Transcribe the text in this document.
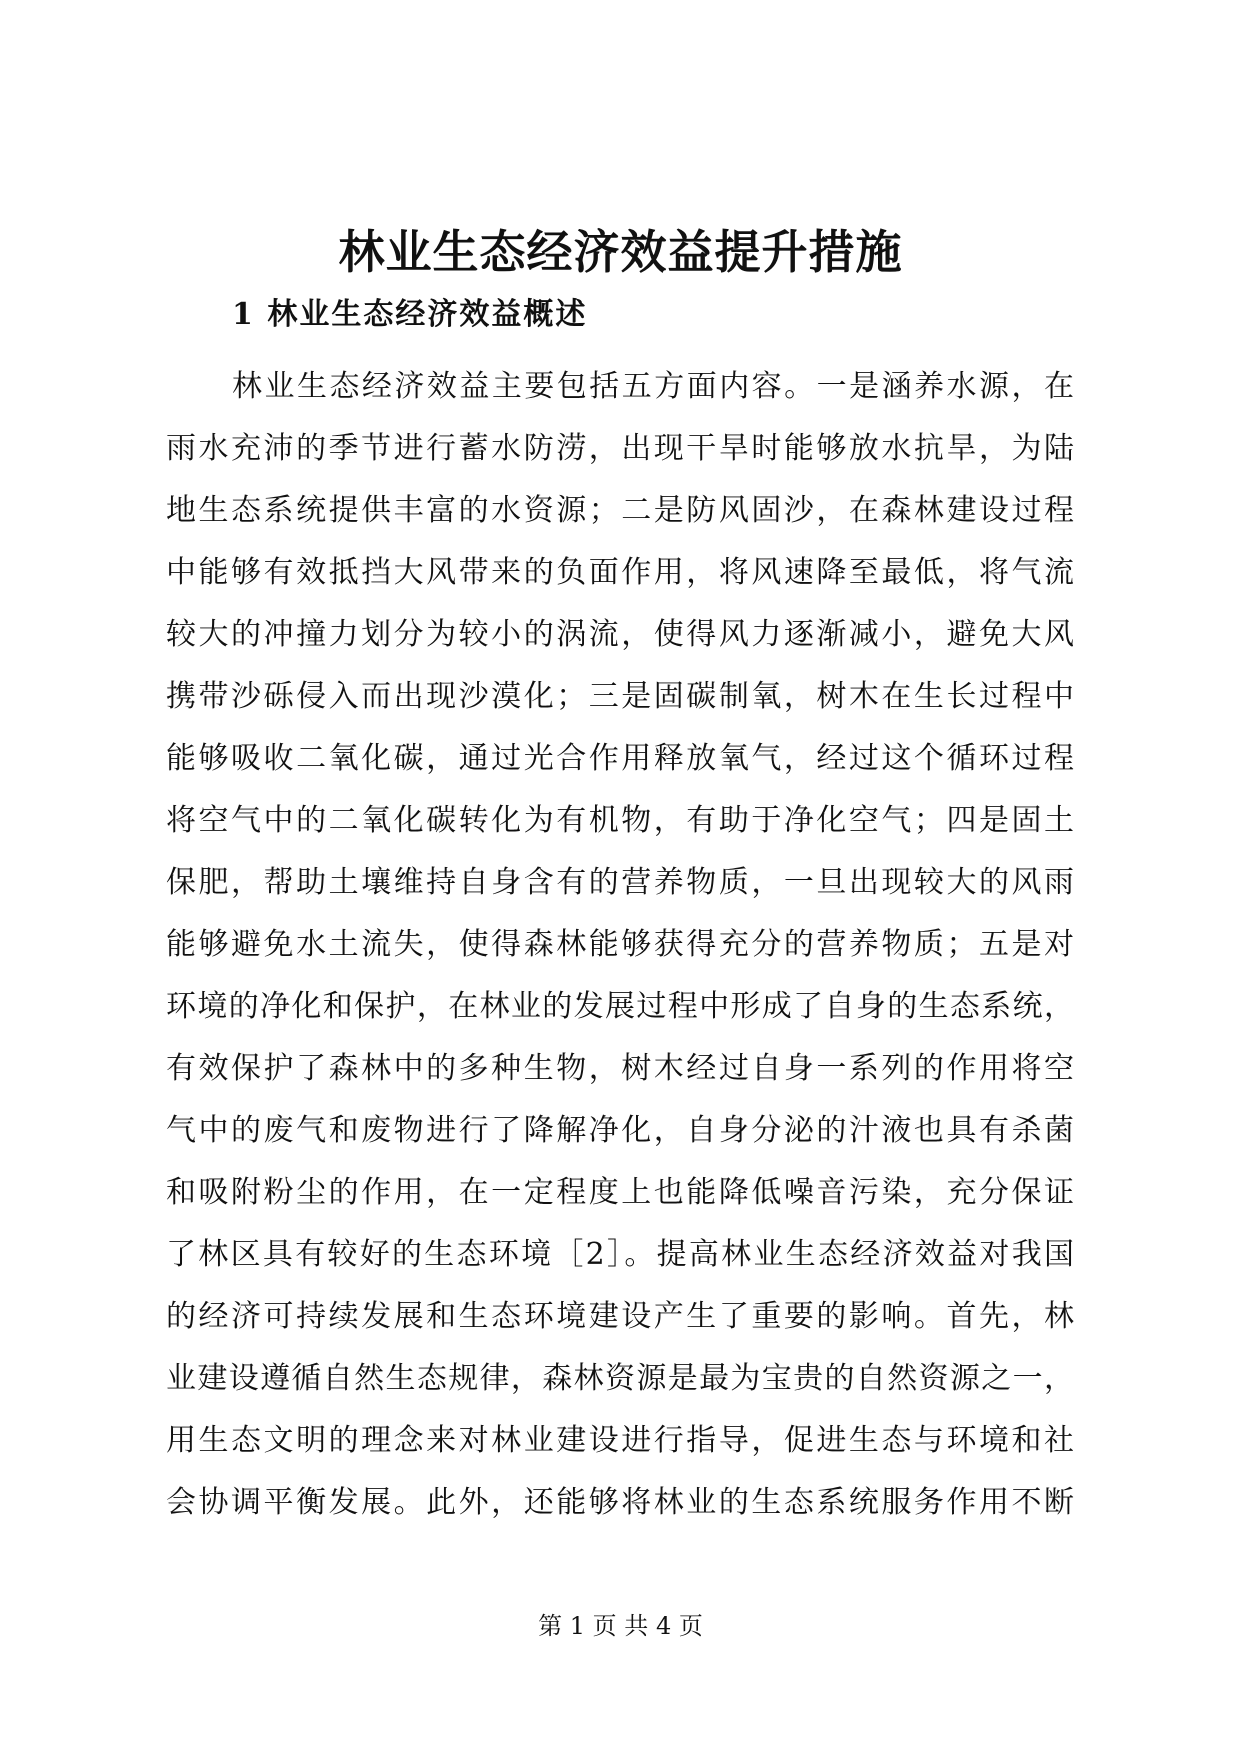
林业生态经济效益提升措施
1 林业生态经济效益概述
林业生态经济效益主要包括五方面内容。一是涵养水源，在
雨水充沛的季节进行蓄水防涝，出现干旱时能够放水抗旱，为陆
地生态系统提供丰富的水资源；二是防风固沙，在森林建设过程
中能够有效抵挡大风带来的负面作用，将风速降至最低，将气流
较大的冲撞力划分为较小的涡流，使得风力逐渐减小，避免大风
携带沙砾侵入而出现沙漠化；三是固碳制氧，树木在生长过程中
能够吸收二氧化碳，通过光合作用释放氧气，经过这个循环过程
将空气中的二氧化碳转化为有机物，有助于净化空气；四是固土
保肥，帮助土壤维持自身含有的营养物质，一旦出现较大的风雨
能够避免水土流失，使得森林能够获得充分的营养物质；五是对
环境的净化和保护，在林业的发展过程中形成了自身的生态系统，
有效保护了森林中的多种生物，树木经过自身一系列的作用将空
气中的废气和废物进行了降解净化，自身分泌的汁液也具有杀菌
和吸附粉尘的作用，在一定程度上也能降低噪音污染，充分保证
了林区具有较好的生态环境［2］。提高林业生态经济效益对我国
的经济可持续发展和生态环境建设产生了重要的影响。首先，林
业建设遵循自然生态规律，森林资源是最为宝贵的自然资源之一，
用生态文明的理念来对林业建设进行指导，促进生态与环境和社
会协调平衡发展。此外，还能够将林业的生态系统服务作用不断
第 1 页 共 4 页
